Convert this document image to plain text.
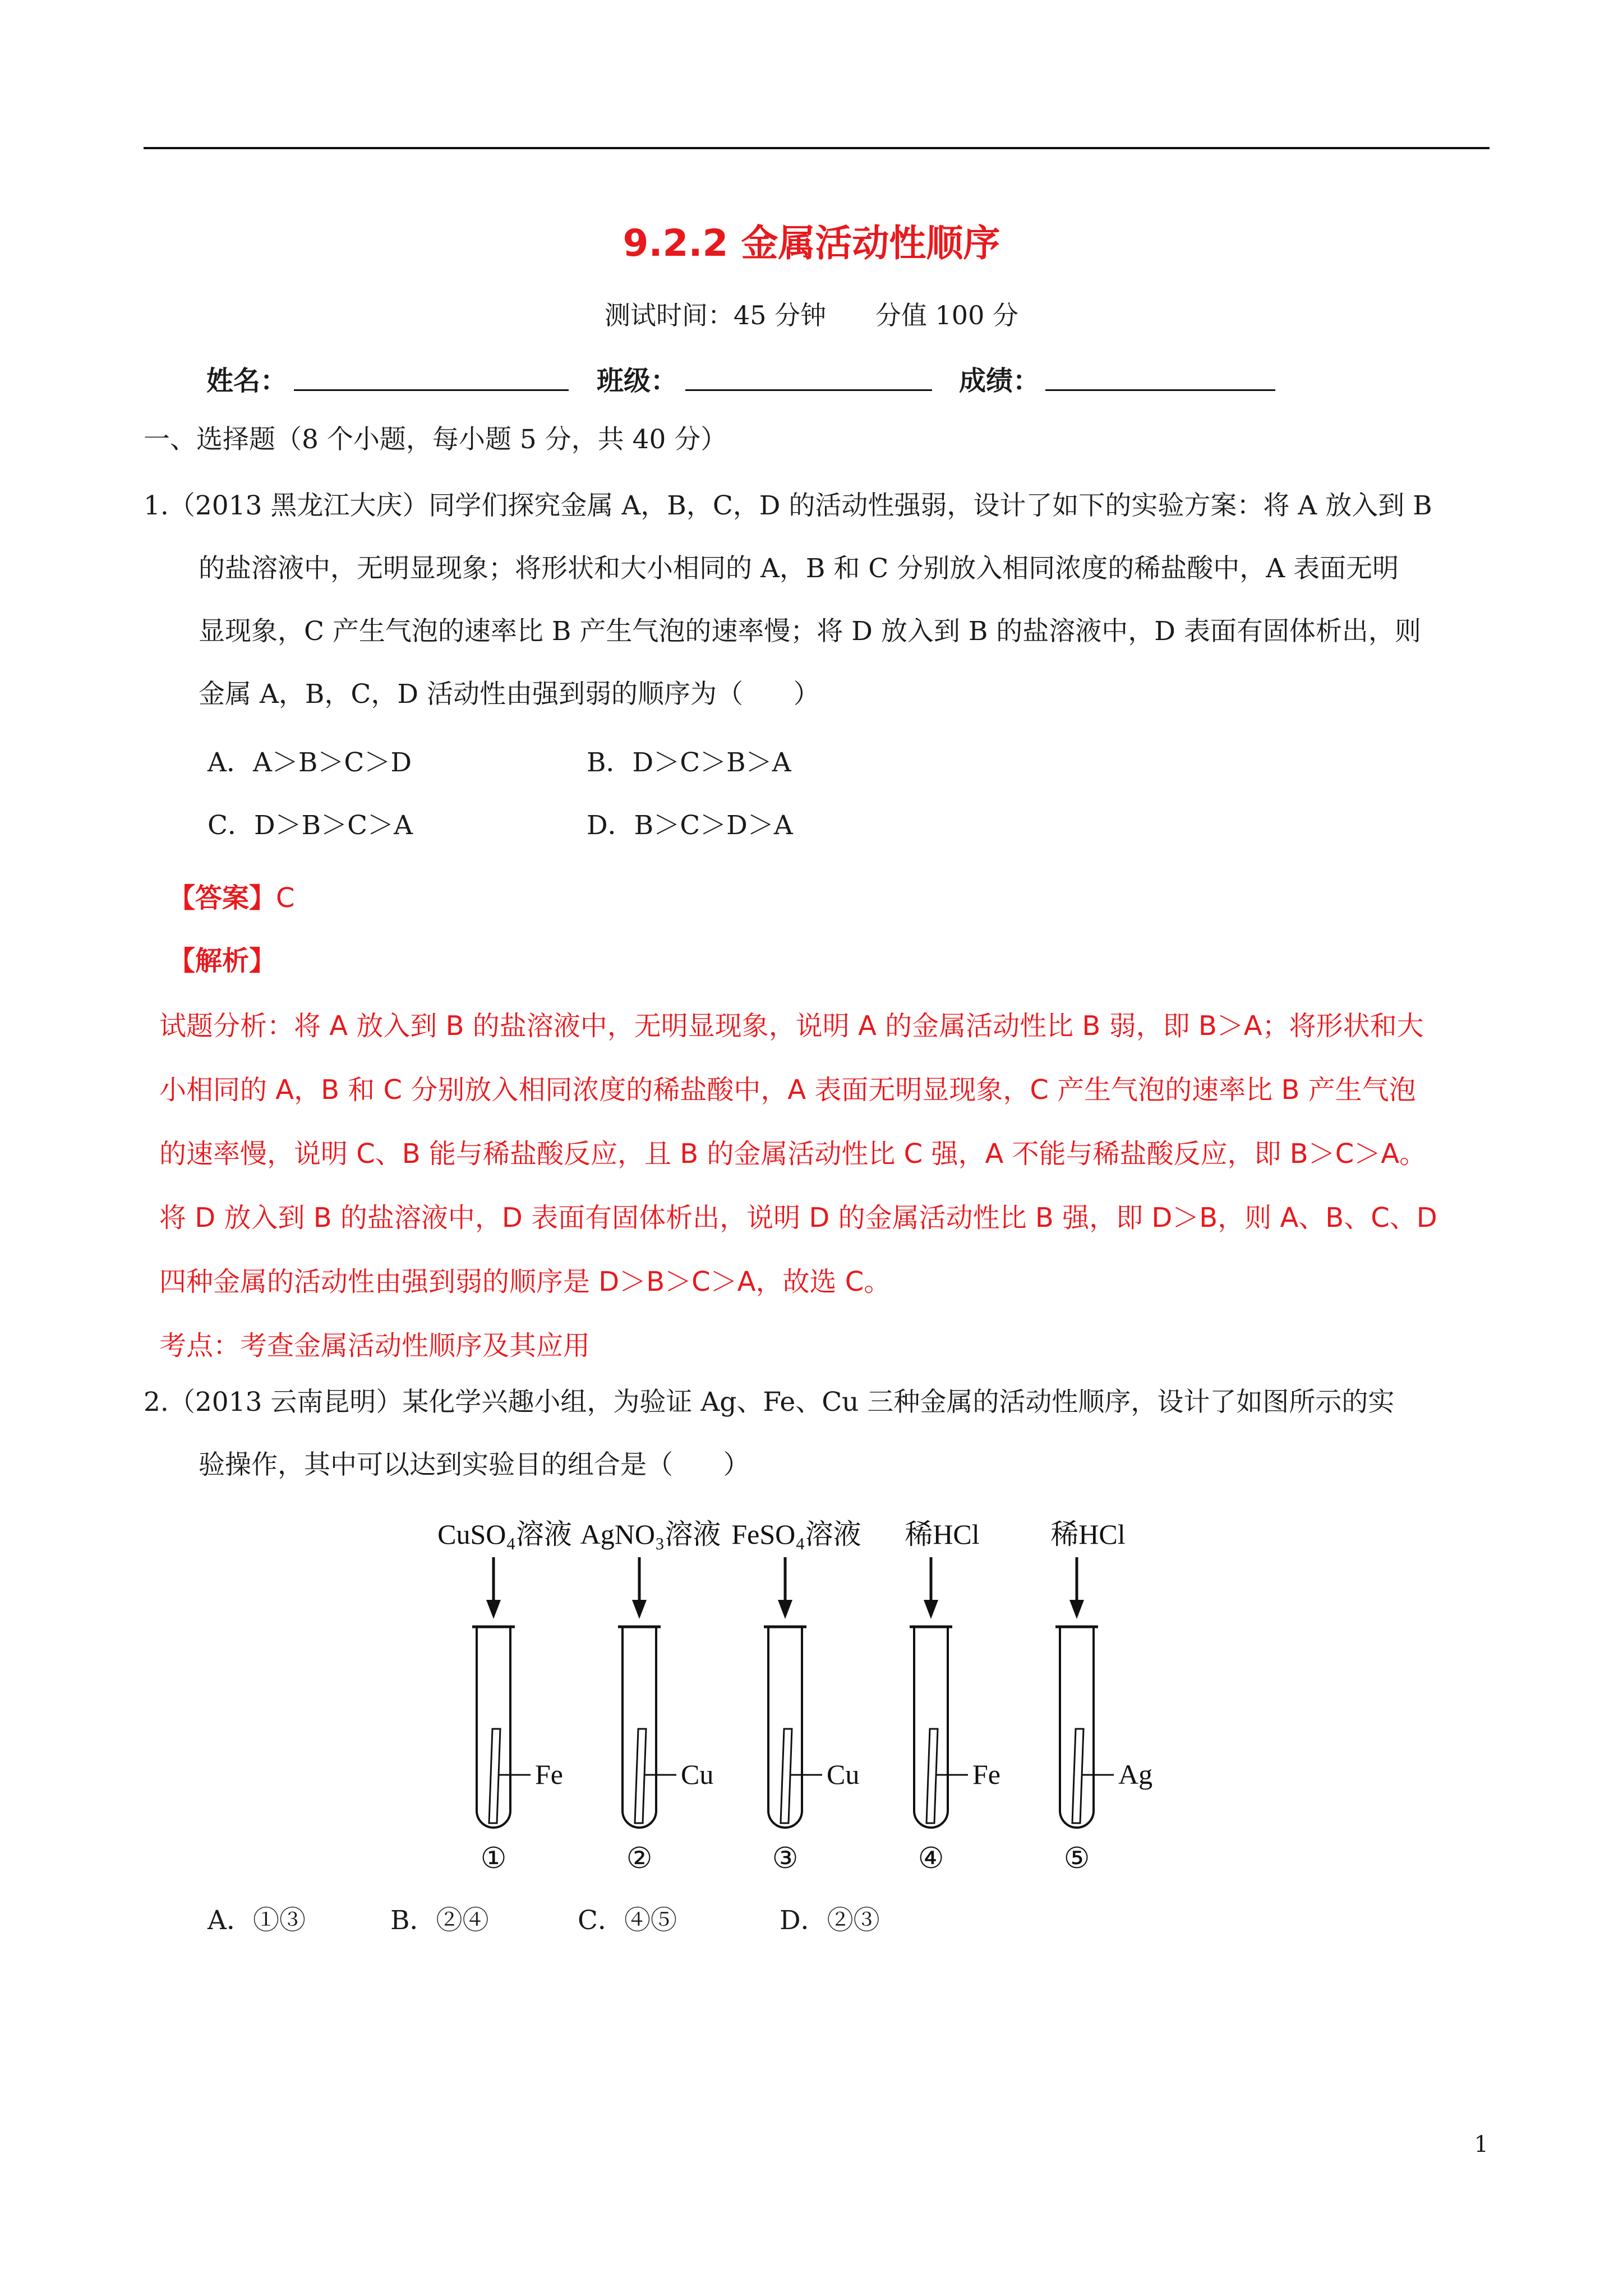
9.2.2 金属活动性顺序
测试时间：45 分钟      分值 100 分
姓名：	班级：	成绩：
一、选择题（8 个小题，每小题 5 分，共 40 分）
1.（2013 黑龙江大庆）同学们探究金属 A，B，C，D 的活动性强弱，设计了如下的实验方案：将 A 放入到 B
的盐溶液中，无明显现象；将形状和大小相同的 A，B 和 C 分别放入相同浓度的稀盐酸中，A 表面无明
显现象，C 产生气泡的速率比 B 产生气泡的速率慢；将 D 放入到 B 的盐溶液中，D 表面有固体析出，则
金属 A，B，C，D 活动性由强到弱的顺序为（      ）
A．A＞B＞C＞D	B．D＞C＞B＞A
C．D＞B＞C＞A	D．B＞C＞D＞A
【答案】C
【解析】
试题分析：将 A 放入到 B 的盐溶液中，无明显现象，说明 A 的金属活动性比 B 弱，即 B＞A；将形状和大
小相同的 A，B 和 C 分别放入相同浓度的稀盐酸中，A 表面无明显现象，C 产生气泡的速率比 B 产生气泡
的速率慢，说明 C、B 能与稀盐酸反应，且 B 的金属活动性比 C 强，A 不能与稀盐酸反应，即 B＞C＞A。
将 D 放入到 B 的盐溶液中，D 表面有固体析出，说明 D 的金属活动性比 B 强，即 D＞B，则 A、B、C、D
四种金属的活动性由强到弱的顺序是 D＞B＞C＞A，故选 C。
考点：考查金属活动性顺序及其应用
2.（2013 云南昆明）某化学兴趣小组，为验证 Ag、Fe、Cu 三种金属的活动性顺序，设计了如图所示的实
验操作，其中可以达到实验目的组合是（      ）
CuSO₄溶液
Fe
①
AgNO₃溶液
Cu
②
FeSO₄溶液
Cu
③
稀HCl
Fe
④
稀HCl
Ag
⑤
A．①③	B．②④	C．④⑤	D．②③
1
